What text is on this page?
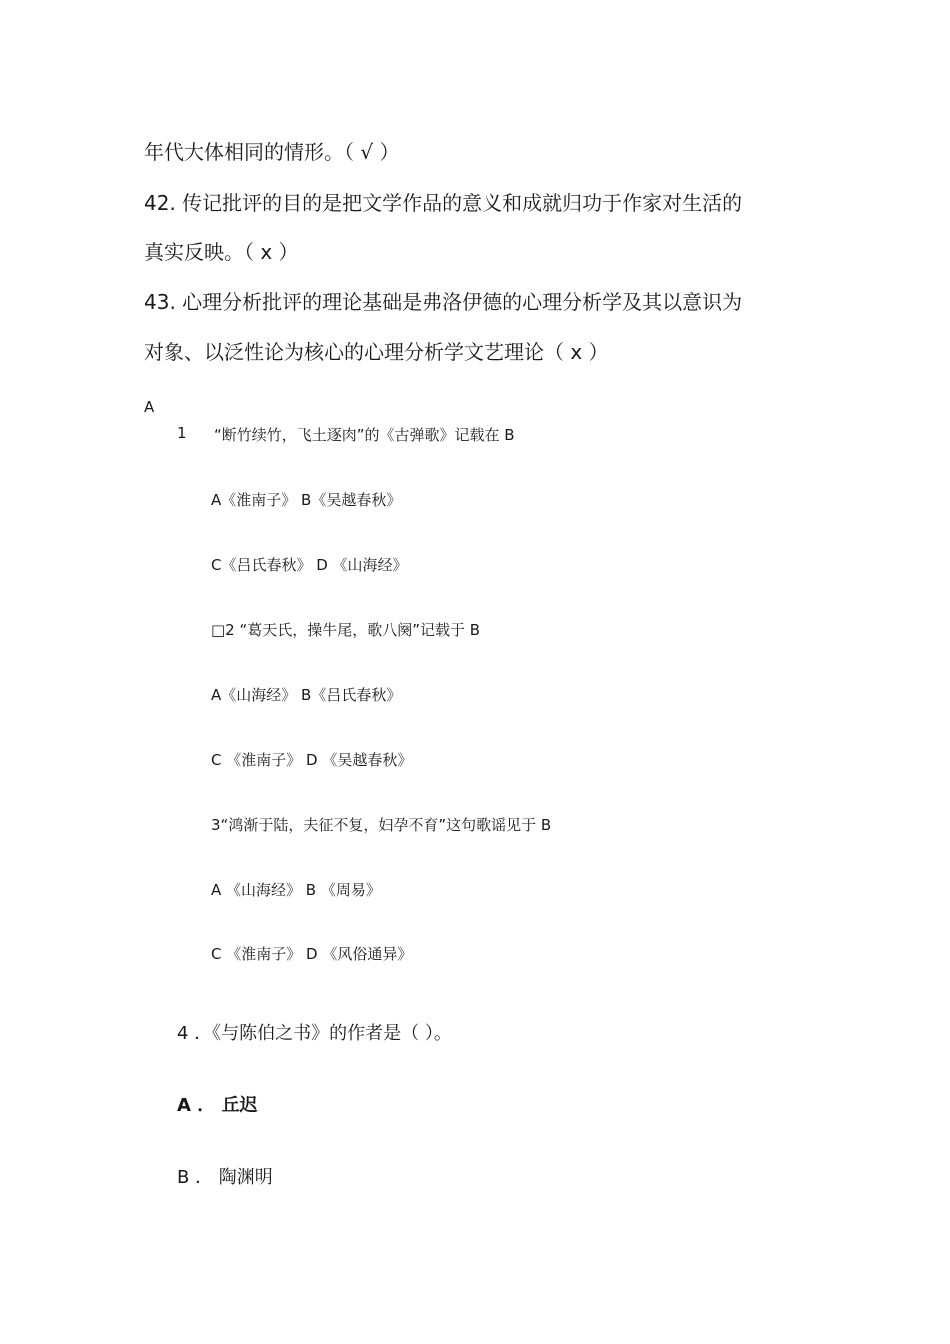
年代大体相同的情形。（ √ ）
42. 传记批评的目的是把文学作品的意义和成就归功于作家对生活的
真实反映。（ x ）
43. 心理分析批评的理论基础是弗洛伊德的心理分析学及其以意识为
对象、以泛性论为核心的心理分析学文艺理论（ x ）
A
1 “断竹续竹，飞土逐肉”的《古弹歌》记载在 B
A《淮南子》 B《吴越春秋》
C《吕氏春秋》 D 《山海经》
□2 “葛天氏，操牛尾，歌八阕”记载于 B
A《山海经》 B《吕氏春秋》
C 《淮南子》 D 《吴越春秋》
3“鸿渐于陆，夫征不复，妇孕不育”这句歌谣见于 B
A 《山海经》 B 《周易》
C 《淮南子》 D 《风俗通异》
4 ．《与陈伯之书》的作者是（ ）。
A ． 丘迟
B ． 陶渊明
